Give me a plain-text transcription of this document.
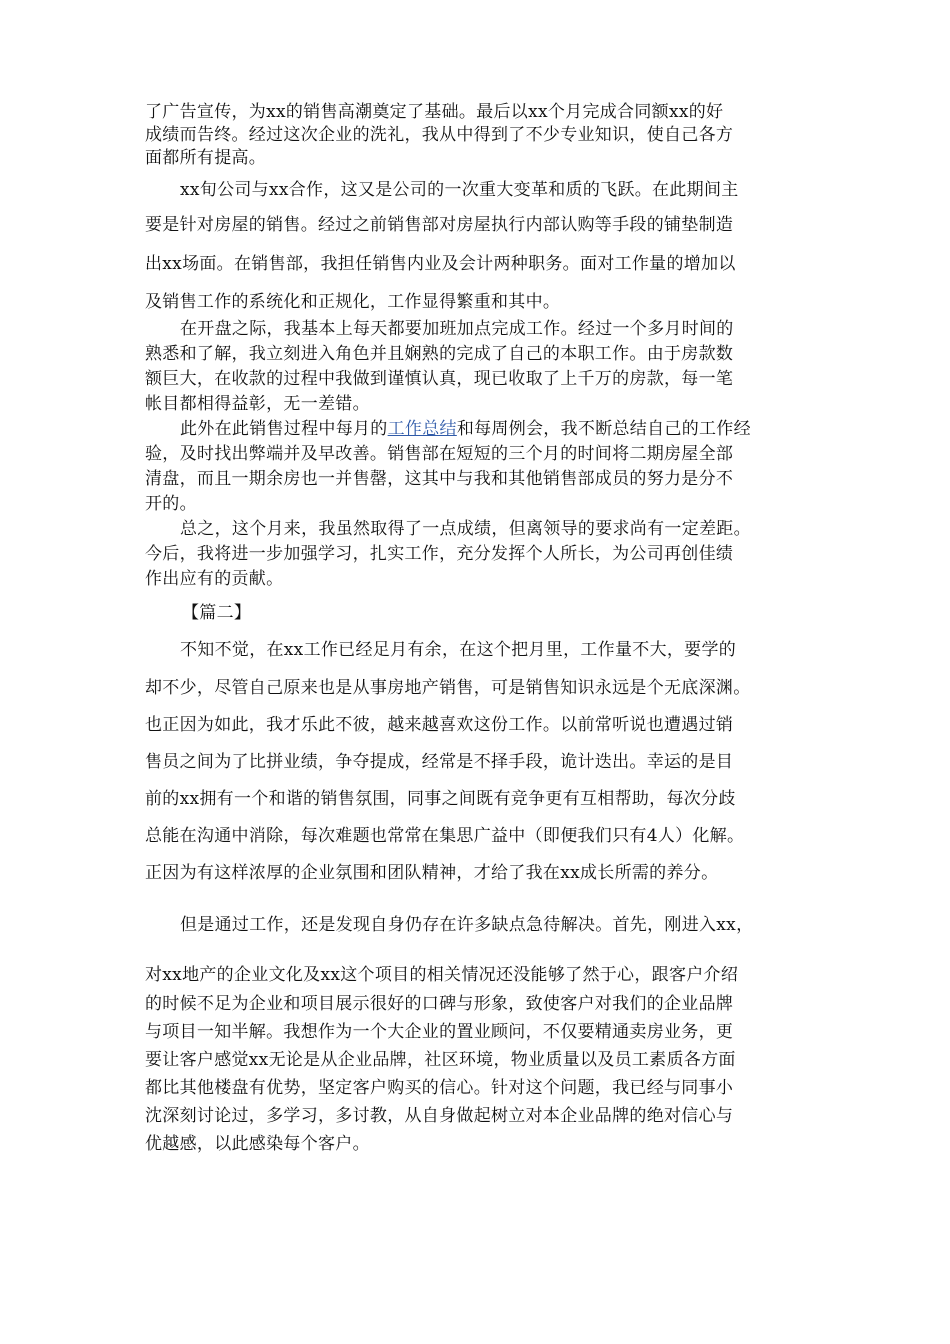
了广告宣传，为xx的销售高潮奠定了基础。最后以xx个月完成合同额xx的好
成绩而告终。经过这次企业的洗礼，我从中得到了不少专业知识，使自己各方
面都所有提高。
xx旬公司与xx合作，这又是公司的一次重大变革和质的飞跃。在此期间主
要是针对房屋的销售。经过之前销售部对房屋执行内部认购等手段的铺垫制造
出xx场面。在销售部，我担任销售内业及会计两种职务。面对工作量的增加以
及销售工作的系统化和正规化，工作显得繁重和其中。
在开盘之际，我基本上每天都要加班加点完成工作。经过一个多月时间的
熟悉和了解，我立刻进入角色并且娴熟的完成了自己的本职工作。由于房款数
额巨大，在收款的过程中我做到谨慎认真，现已收取了上千万的房款，每一笔
帐目都相得益彰，无一差错。
此外在此销售过程中每月的工作总结和每周例会，我不断总结自己的工作经
验，及时找出弊端并及早改善。销售部在短短的三个月的时间将二期房屋全部
清盘，而且一期余房也一并售罄，这其中与我和其他销售部成员的努力是分不
开的。
总之，这个月来，我虽然取得了一点成绩，但离领导的要求尚有一定差距。
今后，我将进一步加强学习，扎实工作，充分发挥个人所长，为公司再创佳绩
作出应有的贡献。
【篇二】
不知不觉，在xx工作已经足月有余，在这个把月里，工作量不大，要学的
却不少，尽管自己原来也是从事房地产销售，可是销售知识永远是个无底深渊。
也正因为如此，我才乐此不彼，越来越喜欢这份工作。以前常听说也遭遇过销
售员之间为了比拼业绩，争夺提成，经常是不择手段，诡计迭出。幸运的是目
前的xx拥有一个和谐的销售氛围，同事之间既有竞争更有互相帮助，每次分歧
总能在沟通中消除，每次难题也常常在集思广益中（即便我们只有4人）化解。
正因为有这样浓厚的企业氛围和团队精神，才给了我在xx成长所需的养分。
但是通过工作，还是发现自身仍存在许多缺点急待解决。首先，刚进入xx，
对xx地产的企业文化及xx这个项目的相关情况还没能够了然于心，跟客户介绍
的时候不足为企业和项目展示很好的口碑与形象，致使客户对我们的企业品牌
与项目一知半解。我想作为一个大企业的置业顾问，不仅要精通卖房业务，更
要让客户感觉xx无论是从企业品牌，社区环境，物业质量以及员工素质各方面
都比其他楼盘有优势，坚定客户购买的信心。针对这个问题，我已经与同事小
沈深刻讨论过，多学习，多讨教，从自身做起树立对本企业品牌的绝对信心与
优越感，以此感染每个客户。
